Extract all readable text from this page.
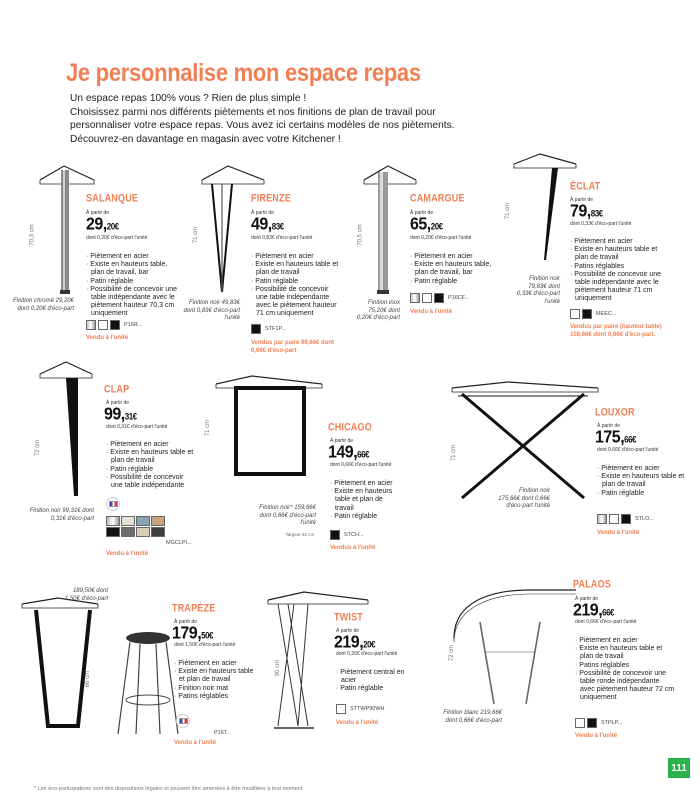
Je personnalise mon espace repas

Un espace repas 100% vous ? Rien de plus simple !

Choisissez parmi nos différents piètements et nos finitions de plan de travail pour

personnaliser votre espace repas. Vous avez ici certains modèles de nos piètements.

Découvrez-en davantage en magasin avec votre Kitchener !

70,3 cm
Finition chromé 29,20€ dont 0,20€ d'éco-part
SALANQUE
À partir de
29,20€
dont 0,20€ d'éco-part l'unité
· Piètement en acier
· Existe en hauteurs table, plan de travail, bar
· Patin réglable
· Possibilité de concevoir une table indépendante avec le piètement hauteur 70,3 cm uniquement
P16R...
Vendu à l'unité
71 cm
Finition noir 49,83€ dont 0,83€ d'éco-part l'unité
FIRENZE
À partir de
49,83€
dont 0,83€ d'éco-part l'unité
· Piètement en acier
· Existe en hauteurs table et plan de travail
· Patin réglable
· Possibilité de concevoir une table indépendante avec le piètement hauteur 71 cm uniquement
STF1P...
Vendus par paire 99,66€ dont 0,66€ d'éco-part
70,5 cm
Finition inox 75,20€ dont 0,20€ d'éco-part
CAMARGUE
À partir de
65,20€
dont 0,20€ d'éco-part l'unité
· Piètement en acier
· Existe en hauteurs table, plan de travail, bar
· Patin réglable
P16CF...
Vendu à l'unité
71 cm
Finition noir 79,83€ dont 0,33€ d'éco-part l'unité
ÉCLAT
À partir de
79,83€
dont 0,33€ d'éco-part l'unité
· Piètement en acier
· Existe en hauteurs table et plan de travail
· Patins réglables
· Possibilité de concevoir une table indépendante avec le piètement hauteur 71 cm uniquement
MEEC...
Vendus par paire (hauteur table) 159,66€ dont 0,66€ d'éco-part.
72 cm
Finition noir 99,31€ dont 0,31€ d'éco-part
CLAP
À partir de
99,31€
dont 0,31€ d'éco-part l'unité
· Piètement en acier
· Existe en hauteurs table et plan de travail
· Patin réglable
· Possibilité de concevoir une table indépendante
MGCLPI...
Vendu à l'unité
71 cm
Finition noir* 159,66€ dont 0,66€ d'éco-part l'unité
*largeur 62 cm
CHICAGO
À partir de
149,66€
dont 0,66€ d'éco-part l'unité
· Piètement en acier
· Existe en hauteurs table et plan de travail
· Patin réglable
STCH...
Vendus à l'unité
71 cm
Finition noir 175,66€ dont 0,66€ d'éco-part l'unité
LOUXOR
À partir de
175,66€
dont 0,66€ d'éco-part l'unité
· Piètement en acier
· Existe en hauteurs table et plan de travail
· Patin réglable
STLO...
Vendu à l'unité
66 cm
189,50€ dont 1,50€ d'éco-part
TRAPÈZE
À partir de
179,50€
dont 1,50€ d'éco-part l'unité
· Piètement en acier
· Existe en hauteurs table et plan de travail
· Finition noir mat
· Patins réglables
P16T...
Vendu à l'unité
90 cm
TWIST
À partir de
219,20€
dont 0,20€ d'éco-part l'unité
· Piètement central en acier
· Patin réglable
STTWP90WH
Vendu à l'unité
72 cm
Finition blanc 219,66€ dont 0,66€ d'éco-part
PALAOS
À partir de
219,66€
dont 0,66€ d'éco-part l'unité
· Piètement en acier
· Existe en hauteurs table et plan de travail
· Patins réglables
· Possibilité de concevoir une table ronde indépendante avec piètement hauteur 72 cm uniquement
STPLP...
Vendu à l'unité
* Les éco-participations sont des dispositions légales et peuvent être amenées à être modifiées à tout moment
111
